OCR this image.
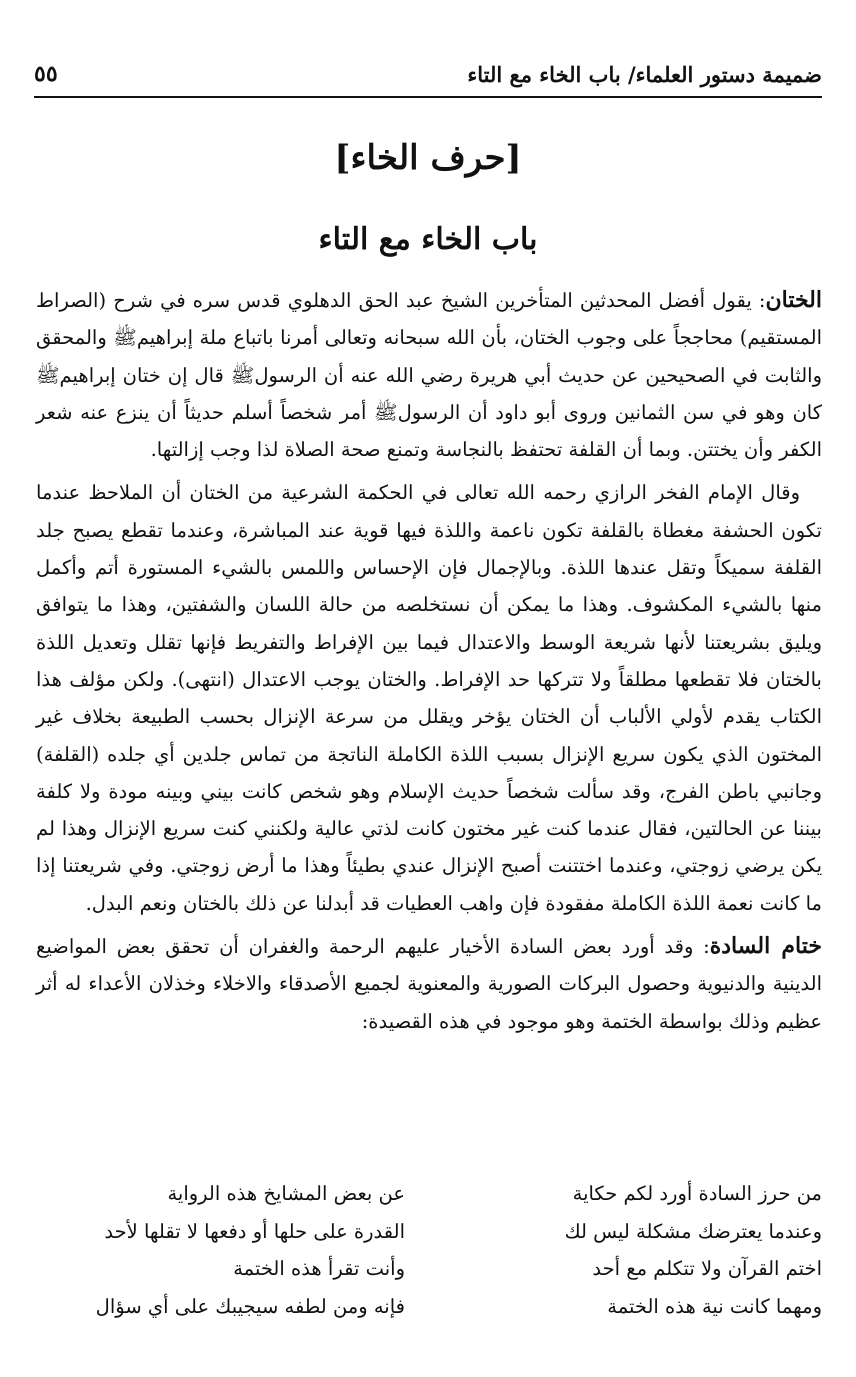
ضميمة دستور العلماء/ باب الخاء مع التاء
٥٥
[حرف الخاء]
باب الخاء مع التاء

الختان: يقول أفضل المحدثين المتأخرين الشيخ عبد الحق الدهلوي قدس سره في شرح (الصراط المستقيم) محاججاً على وجوب الختان، بأن الله سبحانه وتعالى أمرنا باتباع ملة إبراهيمﷺ والمحقق والثابت في الصحيحين عن حديث أبي هريرة رضي الله عنه أن الرسولﷺ قال إن ختان إبراهيمﷺ كان وهو في سن الثمانين وروى أبو داود أن الرسولﷺ أمر شخصاً أسلم حديثاً أن ينزع عنه شعر الكفر وأن يختتن. وبما أن القلفة تحتفظ بالنجاسة وتمنع صحة الصلاة لذا وجب إزالتها.

وقال الإمام الفخر الرازي رحمه الله تعالى في الحكمة الشرعية من الختان أن الملاحظ عندما تكون الحشفة مغطاة بالقلفة تكون ناعمة واللذة فيها قوية عند المباشرة، وعندما تقطع يصبح جلد القلفة سميكاً وتقل عندها اللذة. وبالإجمال فإن الإحساس واللمس بالشيء المستورة أتم وأكمل منها بالشيء المكشوف. وهذا ما يمكن أن نستخلصه من حالة اللسان والشفتين، وهذا ما يتوافق ويليق بشريعتنا لأنها شريعة الوسط والاعتدال فيما بين الإفراط والتفريط فإنها تقلل وتعديل اللذة بالختان فلا تقطعها مطلقاً ولا تتركها حد الإفراط. والختان يوجب الاعتدال (انتهى). ولكن مؤلف هذا الكتاب يقدم لأولي الألباب أن الختان يؤخر ويقلل من سرعة الإنزال بحسب الطبيعة بخلاف غير المختون الذي يكون سريع الإنزال بسبب اللذة الكاملة الناتجة من تماس جلدين أي جلده (القلفة) وجانبي باطن الفرج، وقد سألت شخصاً حديث الإسلام وهو شخص كانت بيني وبينه مودة ولا كلفة بيننا عن الحالتين، فقال عندما كنت غير مختون كانت لذتي عالية ولكنني كنت سريع الإنزال وهذا لم يكن يرضي زوجتي، وعندما اختتنت أصبح الإنزال عندي بطيئاً وهذا ما أرض زوجتي. وفي شريعتنا إذا ما كانت نعمة اللذة الكاملة مفقودة فإن واهب العطيات قد أبدلنا عن ذلك بالختان ونعم البدل.

ختام السادة: وقد أورد بعض السادة الأخيار عليهم الرحمة والغفران أن تحقق بعض المواضيع الدينية والدنيوية وحصول البركات الصورية والمعنوية لجميع الأصدقاء والاخلاء وخذلان الأعداء له أثر عظيم وذلك بواسطة الختمة وهو موجود في هذه القصيدة:

من حرز السادة أورد لكم حكاية
عن بعض المشايخ هذه الرواية
وعندما يعترضك مشكلة ليس لك
القدرة على حلها أو دفعها لا تقلها لأحد
اختم القرآن ولا تتكلم مع أحد
وأنت تقرأ هذه الختمة
ومهما كانت نية هذه الختمة
فإنه ومن لطفه سيجيبك على أي سؤال
